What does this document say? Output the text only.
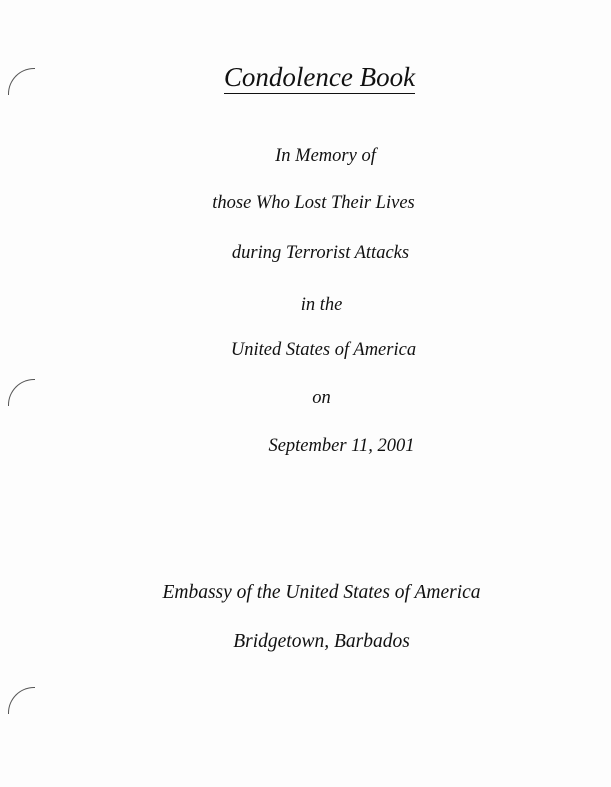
Condolence Book
In Memory of
those Who Lost Their Lives
during Terrorist Attacks
in the
United States of America
on
September 11, 2001
Embassy of the United States of America
Bridgetown, Barbados
